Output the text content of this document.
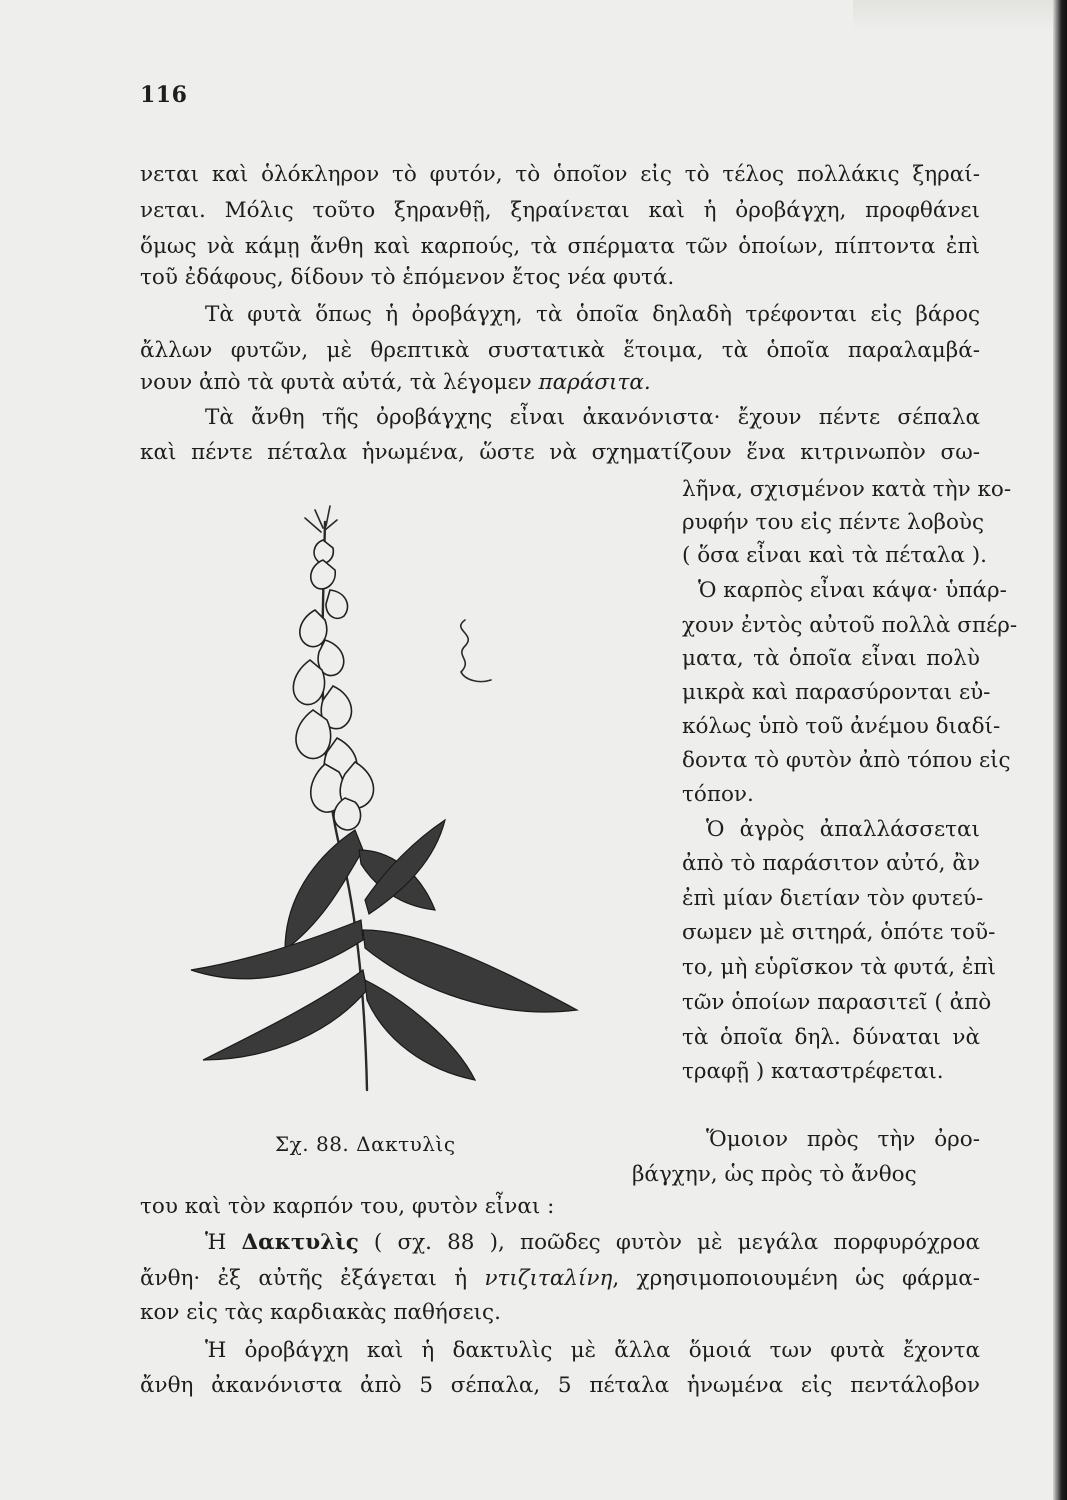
116
νεται καὶ ὁλόκληρον τὸ φυτόν, τὸ ὁποῖον εἰς τὸ τέλος πολλάκις ξηραί-
νεται. Μόλις τοῦτο ξηρανθῇ, ξηραίνεται καὶ ἡ ὀροβάγχη, προφθάνει
ὅμως νὰ κάμῃ ἄνθη καὶ καρπούς, τὰ σπέρματα τῶν ὁποίων, πίπτοντα ἐπὶ
τοῦ ἐδάφους, δίδουν τὸ ἑπόμενον ἔτος νέα φυτά.
Τὰ φυτὰ ὅπως ἡ ὀροβάγχη, τὰ ὁποῖα δηλαδὴ τρέφονται εἰς βάρος
ἄλλων φυτῶν, μὲ θρεπτικὰ συστατικὰ ἕτοιμα, τὰ ὁποῖα παραλαμβά-
νουν ἀπὸ τὰ φυτὰ αὐτά, τὰ λέγομεν παράσιτα.
Τὰ ἄνθη τῆς ὀροβάγχης εἶναι ἀκανόνιστα· ἔχουν πέντε σέπαλα
καὶ πέντε πέταλα ἡνωμένα, ὥστε νὰ σχηματίζουν ἕνα κιτρινωπὸν σω-
λῆνα, σχισμένον κατὰ τὴν κο-
ρυφήν του εἰς πέντε λοβοὺς
( ὅσα εἶναι καὶ τὰ πέταλα ).
Ὁ καρπὸς εἶναι κάψα· ὑπάρ-
χουν ἐντὸς αὐτοῦ πολλὰ σπέρ-
ματα, τὰ ὁποῖα εἶναι πολὺ
μικρὰ καὶ παρασύρονται εὐ-
κόλως ὑπὸ τοῦ ἀνέμου διαδί-
δοντα τὸ φυτὸν ἀπὸ τόπου εἰς
τόπον.
Ὁ ἀγρὸς ἀπαλλάσσεται
ἀπὸ τὸ παράσιτον αὐτό, ἂν
ἐπὶ μίαν διετίαν τὸν φυτεύ-
σωμεν μὲ σιτηρά, ὁπότε τοῦ-
το, μὴ εὑρῖσκον τὰ φυτά, ἐπὶ
τῶν ὁποίων παρασιτεῖ ( ἀπὸ
τὰ ὁποῖα δηλ. δύναται νὰ
τραφῇ ) καταστρέφεται.
Ὅμοιον πρὸς τὴν ὀρο-
βάγχην, ὡς πρὸς τὸ ἄνθος
Σχ. 88. Δακτυλὶς
του καὶ τὸν καρπόν του, φυτὸν εἶναι :
Ἡ Δακτυλὶς ( σχ. 88 ), ποῶδες φυτὸν μὲ μεγάλα πορφυρόχροα
ἄνθη· ἐξ αὐτῆς ἐξάγεται ἡ ντιζιταλίνη, χρησιμοποιουμένη ὡς φάρμα-
κον εἰς τὰς καρδιακὰς παθήσεις.
Ἡ ὀροβάγχη καὶ ἡ δακτυλὶς μὲ ἄλλα ὅμοιά των φυτὰ ἔχοντα
ἄνθη ἀκανόνιστα ἀπὸ 5 σέπαλα, 5 πέταλα ἡνωμένα εἰς πεντάλοβον
